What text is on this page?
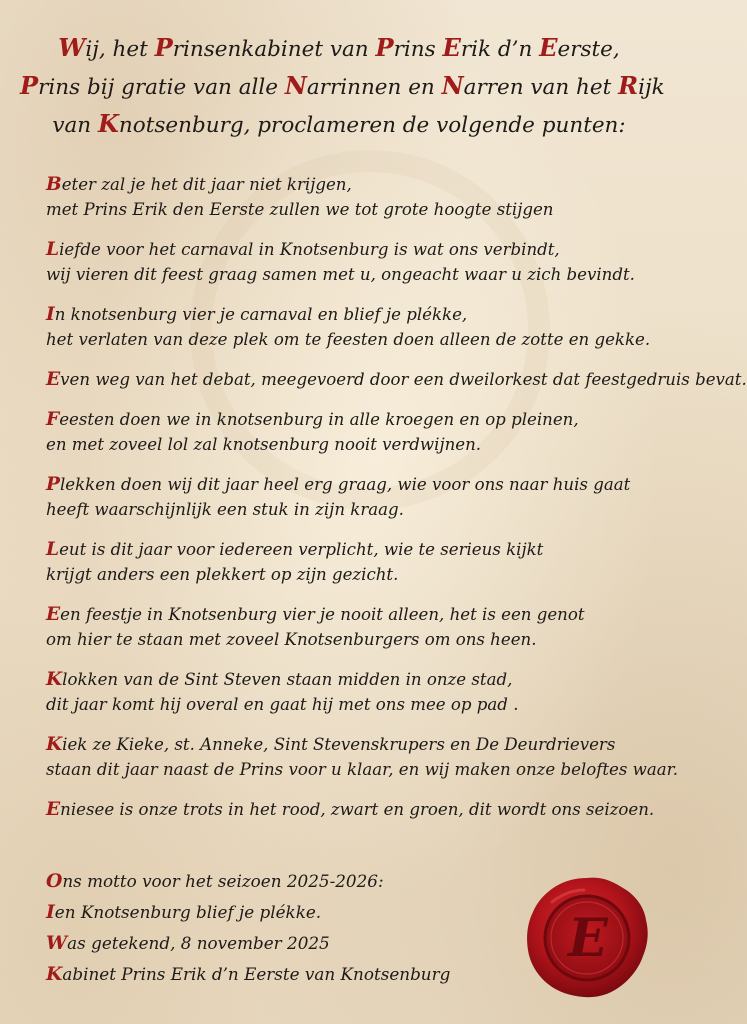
Wij, het Prinsenkabinet van Prins Erik d’n Eerste,
Prins bij gratie van alle Narrinnen en Narren van het Rijk
van Knotsenburg, proclameren de volgende punten:
Beter zal je het dit jaar niet krijgen,
met Prins Erik den Eerste zullen we tot grote hoogte stijgen
Liefde voor het carnaval in Knotsenburg is wat ons verbindt,
wij vieren dit feest graag samen met u, ongeacht waar u zich bevindt.
In knotsenburg vier je carnaval en blief je plékke,
het verlaten van deze plek om te feesten doen alleen de zotte en gekke.
Even weg van het debat, meegevoerd door een dweilorkest dat feestgedruis bevat.
Feesten doen we in knotsenburg in alle kroegen en op pleinen,
en met zoveel lol zal knotsenburg nooit verdwijnen.
Plekken doen wij dit jaar heel erg graag, wie voor ons naar huis gaat
heeft waarschijnlijk een stuk in zijn kraag.
Leut is dit jaar voor iedereen verplicht, wie te serieus kijkt
krijgt anders een plekkert op zijn gezicht.
Een feestje in Knotsenburg vier je nooit alleen, het is een genot
om hier te staan met zoveel Knotsenburgers om ons heen.
Klokken van de Sint Steven staan midden in onze stad,
dit jaar komt hij overal en gaat hij met ons mee op pad .
Kiek ze Kieke, st. Anneke, Sint Stevenskrupers en De Deurdrievers
staan dit jaar naast de Prins voor u klaar, en wij maken onze beloftes waar.
Eniesee is onze trots in het rood, zwart en groen, dit wordt ons seizoen.
Ons motto voor het seizoen 2025-2026:
Ien Knotsenburg blief je plékke.
Was getekend, 8 november 2025
Kabinet Prins Erik d’n Eerste van Knotsenburg
E
